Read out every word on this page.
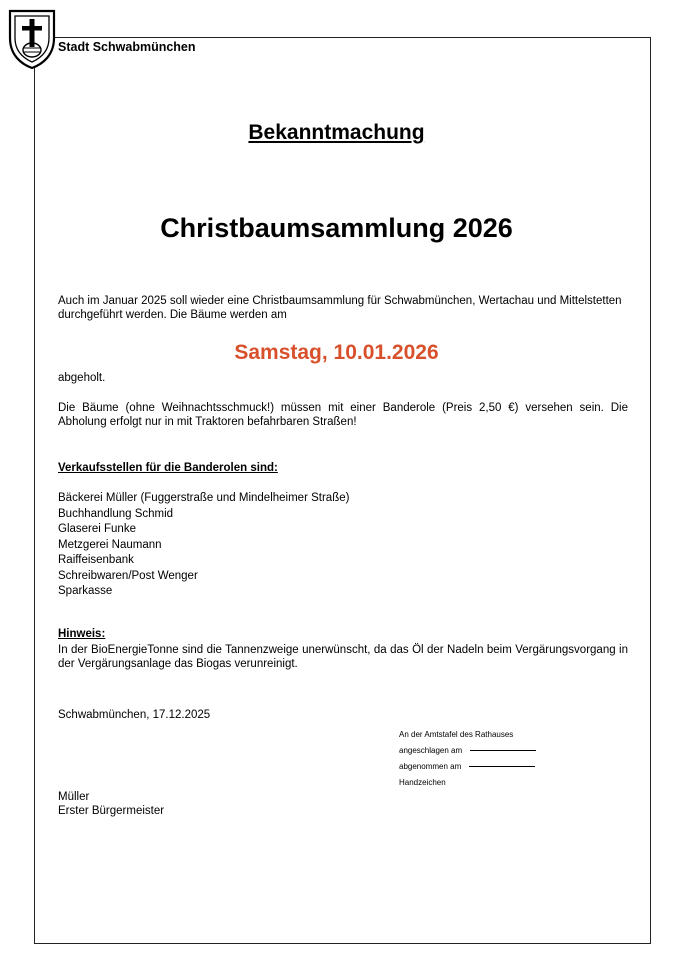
Stadt Schwabmünchen
Bekanntmachung
Christbaumsammlung 2026
Auch im Januar 2025 soll wieder eine Christbaumsammlung für Schwabmünchen, Wertachau und Mittelstetten durchgeführt werden. Die Bäume werden am
Samstag, 10.01.2026
abgeholt.
Die Bäume (ohne Weihnachtsschmuck!) müssen mit einer Banderole (Preis 2,50 €) versehen sein. Die Abholung erfolgt nur in mit Traktoren befahrbaren Straßen!
Verkaufsstellen für die Banderolen sind:
Bäckerei Müller (Fuggerstraße und Mindelheimer Straße)
Buchhandlung Schmid
Glaserei Funke
Metzgerei Naumann
Raiffeisenbank
Schreibwaren/Post Wenger
Sparkasse
Hinweis:
In der BioEnergieTonne sind die Tannenzweige unerwünscht, da das Öl der Nadeln beim Vergärungsvorgang in der Vergärungsanlage das Biogas verunreinigt.
Schwabmünchen, 17.12.2025
An der Amtstafel des Rathauses
angeschlagen am
abgenommen am
Handzeichen
Müller
Erster Bürgermeister
